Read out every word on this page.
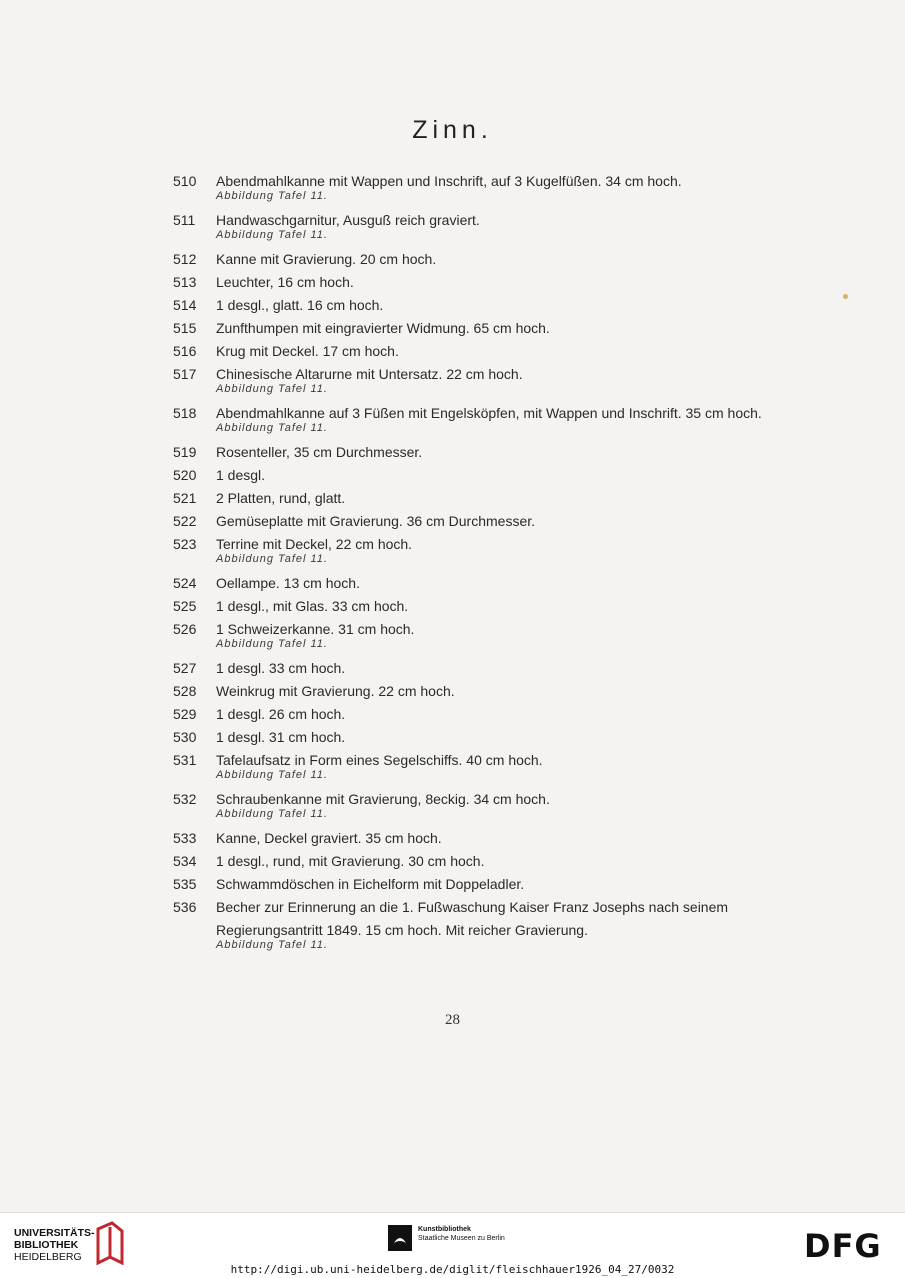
Zinn.
510	Abendmahlkanne mit Wappen und Inschrift, auf 3 Kugelfüßen. 34 cm hoch.
Abbildung Tafel 11.
511	Handwaschgarnitur, Ausguß reich graviert.
Abbildung Tafel 11.
512	Kanne mit Gravierung. 20 cm hoch.
513	Leuchter, 16 cm hoch.
514	1 desgl., glatt. 16 cm hoch.
515	Zunfthumpen mit eingravierter Widmung. 65 cm hoch.
516	Krug mit Deckel. 17 cm hoch.
517	Chinesische Altarurne mit Untersatz. 22 cm hoch.
Abbildung Tafel 11.
518	Abendmahlkanne auf 3 Füßen mit Engelsköpfen, mit Wappen und Inschrift. 35 cm hoch.
Abbildung Tafel 11.
519	Rosenteller, 35 cm Durchmesser.
520	1 desgl.
521	2 Platten, rund, glatt.
522	Gemüseplatte mit Gravierung. 36 cm Durchmesser.
523	Terrine mit Deckel, 22 cm hoch.
Abbildung Tafel 11.
524	Oellampe. 13 cm hoch.
525	1 desgl., mit Glas. 33 cm hoch.
526	1 Schweizerkanne. 31 cm hoch.
Abbildung Tafel 11.
527	1 desgl. 33 cm hoch.
528	Weinkrug mit Gravierung. 22 cm hoch.
529	1 desgl. 26 cm hoch.
530	1 desgl. 31 cm hoch.
531	Tafelaufsatz in Form eines Segelschiffs. 40 cm hoch.
Abbildung Tafel 11.
532	Schraubenkanne mit Gravierung, 8eckig. 34 cm hoch.
Abbildung Tafel 11.
533	Kanne, Deckel graviert. 35 cm hoch.
534	1 desgl., rund, mit Gravierung. 30 cm hoch.
535	Schwammdöschen in Eichelform mit Doppeladler.
536	Becher zur Erinnerung an die 1. Fußwaschung Kaiser Franz Josephs nach seinem Regierungsantritt 1849. 15 cm hoch. Mit reicher Gravierung.
Abbildung Tafel 11.
28
UNIVERSITÄTS-
BIBLIOTHEK
HEIDELBERG
Kunstbibliothek
Staatliche Museen zu Berlin	DFG
http://digi.ub.uni-heidelberg.de/diglit/fleischhauer1926_04_27/0032
